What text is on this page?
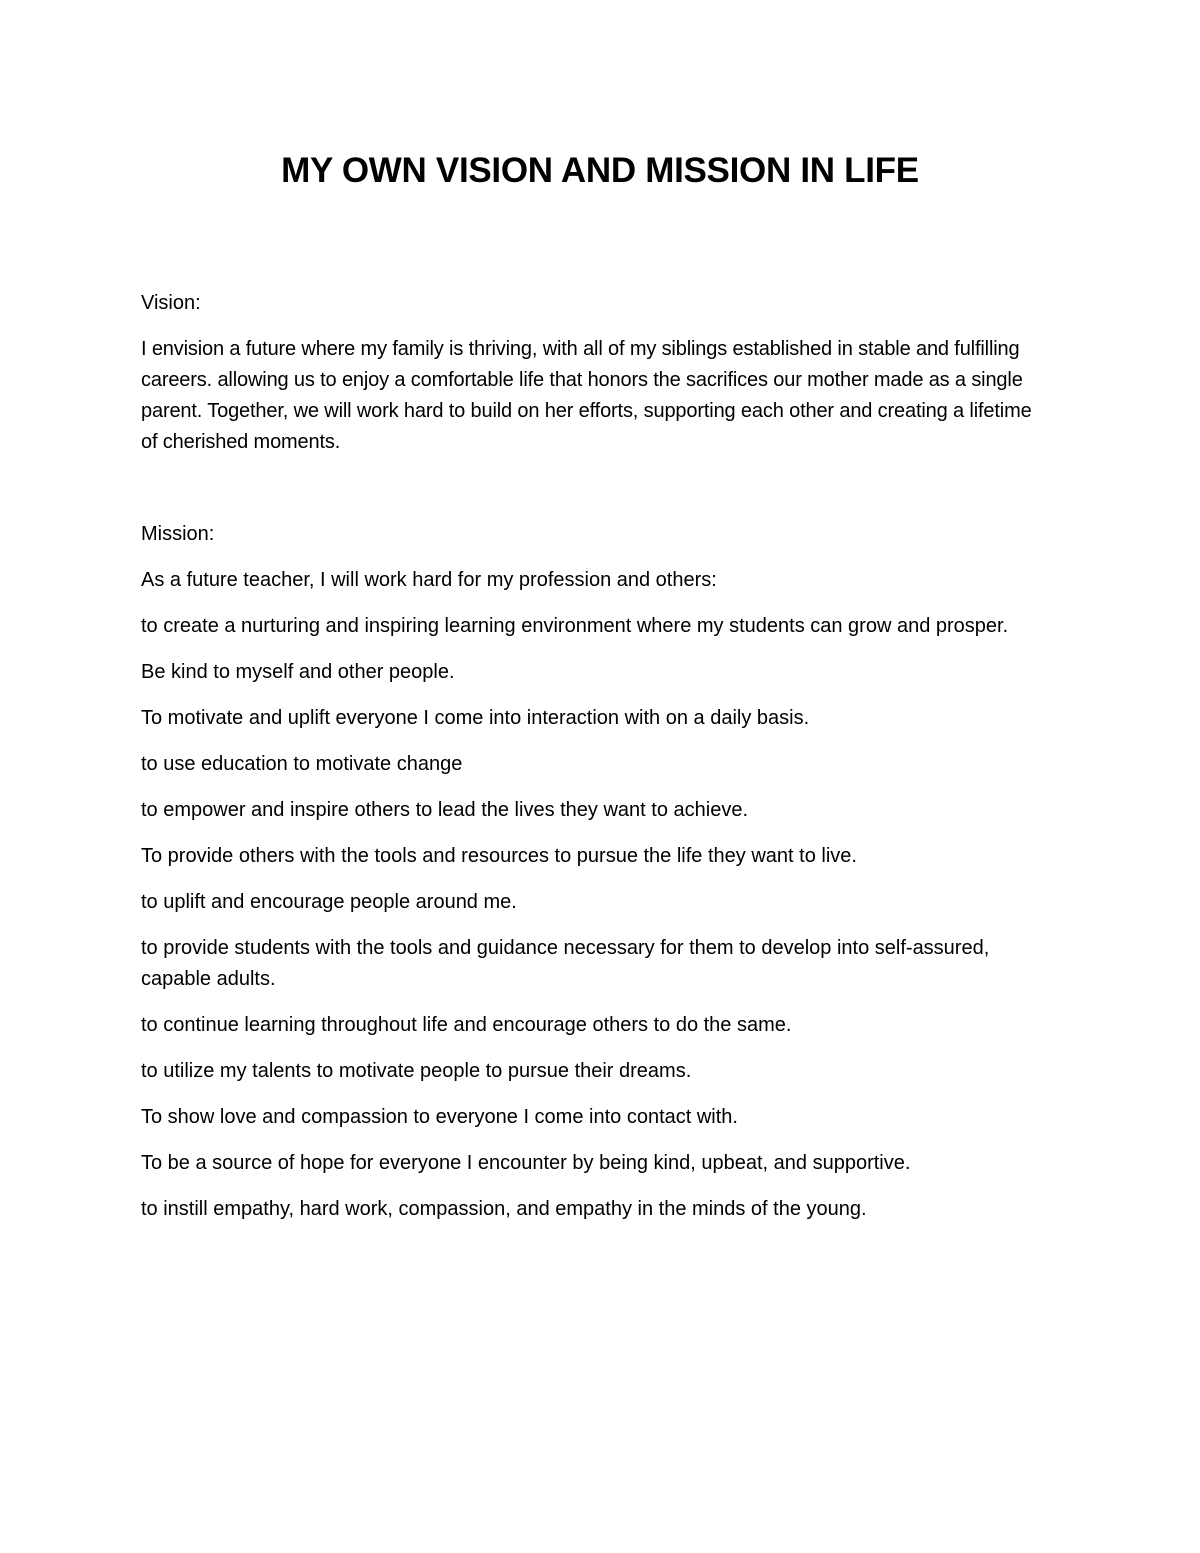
MY OWN VISION AND MISSION IN LIFE

Vision:

I envision a future where my family is thriving, with all of my siblings established in stable and fulfilling careers. allowing us to enjoy a comfortable life that honors the sacrifices our mother made as a single parent. Together, we will work hard to build on her efforts, supporting each other and creating a lifetime of cherished moments.

Mission:

As a future teacher, I will work hard for my profession and others:

to create a nurturing and inspiring learning environment where my students can grow and prosper.

Be kind to myself and other people.

To motivate and uplift everyone I come into interaction with on a daily basis.

to use education to motivate change

to empower and inspire others to lead the lives they want to achieve.

To provide others with the tools and resources to pursue the life they want to live.

to uplift and encourage people around me.

to provide students with the tools and guidance necessary for them to develop into self-assured, capable adults.

to continue learning throughout life and encourage others to do the same.

to utilize my talents to motivate people to pursue their dreams.

To show love and compassion to everyone I come into contact with.

To be a source of hope for everyone I encounter by being kind, upbeat, and supportive.

to instill empathy, hard work, compassion, and empathy in the minds of the young.
